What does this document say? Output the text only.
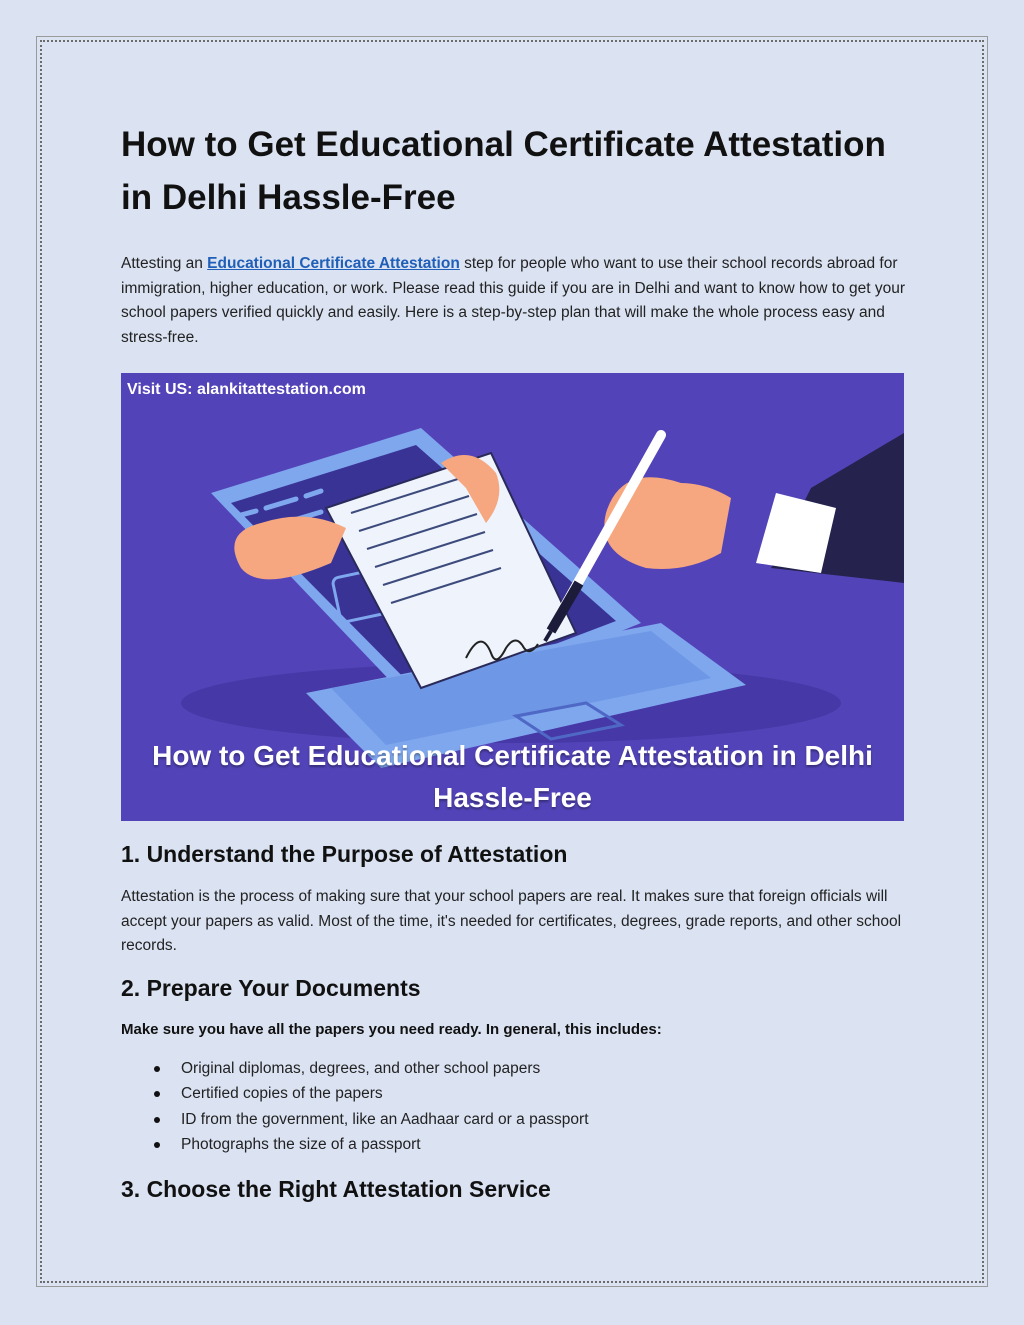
How to Get Educational Certificate Attestation in Delhi Hassle-Free

Attesting an Educational Certificate Attestation step for people who want to use their school records abroad for immigration, higher education, or work. Please read this guide if you are in Delhi and want to know how to get your school papers verified quickly and easily. Here is a step-by-step plan that will make the whole process easy and stress-free.

Visit US: alankitattestation.com
How to Get Educational Certificate Attestation in Delhi Hassle-Free
1. Understand the Purpose of Attestation

Attestation is the process of making sure that your school papers are real. It makes sure that foreign officials will accept your papers as valid. Most of the time, it's needed for certificates, degrees, grade reports, and other school records.

2. Prepare Your Documents

Make sure you have all the papers you need ready. In general, this includes:

Original diplomas, degrees, and other school papers
Certified copies of the papers
ID from the government, like an Aadhaar card or a passport
Photographs the size of a passport
3. Choose the Right Attestation Service
